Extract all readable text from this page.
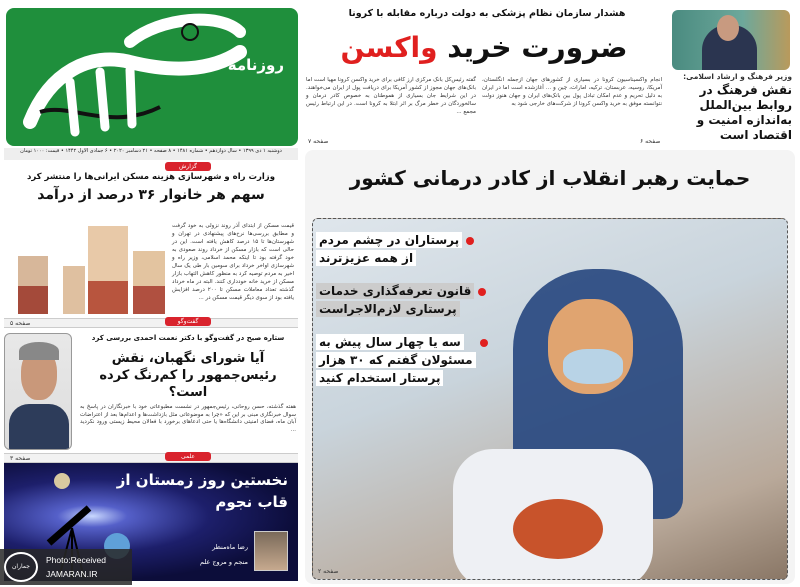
روزنامه
دوشنبه ۱ دی ۱۳۹۹ • سال دوازدهم • شماره ۱۴۸۱ • ۸ صفحه • ۲۱ دسامبر ۲۰۲۰ • ۶ جمادی الاول ۱۴۴۲ • قیمت: ۱۰۰۰ تومان
هشدار سازمان نظام پزشکی به دولت درباره مقابله با کرونا
ضرورت خرید واکسن
انجام واکسیناسیون کرونا در بسیاری از کشورهای جهان ازجمله انگلستان، آمریکا، روسیه، عربستان، ترکیه، امارات، چین و ... آغازشده است اما در ایران به دلیل تحریم و عدم امکان تبادل پول بین بانک‌های ایران و جهان هنوز دولت نتوانسته موفق به خرید واکسن کرونا از شرکت‌های خارجی شود به
گفته رئیس‌کل بانک مرکزی ارز کافی برای خرید واکسن کرونا مهیا است اما بانک‌های جهان مجوز از کشور آمریکا برای دریافت پول از ایران می‌خواهند. در این شرایط جان بسیاری از هموطنان به خصوص کادر درمان و سالخوردگان در خطر مرگ بر اثر ابتلا به کرونا است. در این ارتباط رئیس مجمع ...
صفحه ۷
وزیر فرهنگ و ارشاد اسلامی:
نقش فرهنگ در روابط بین‌الملل به‌اندازه امنیت و اقتصاد است
صفحه ۶
حمایت رهبر انقلاب از کادر درمانی کشور
پرستاران در چشم مردم
از همه عزیزترند
قانون تعرفه‌گذاری خدمات
پرستاری لازم‌الاجراست
سه یا چهار سال پیش به
مسئولان گفتم که ۳۰ هزار
پرستار استخدام کنید
صفحه ۲
گزارش
وزارت راه و شهرسازی هزینه مسکن ایرانی‌ها را منتشر کرد
سهم هر خانوار ۳۶ درصد از درآمد
قیمت مسکن از ابتدای آذر روند نزولی به خود گرفت و مطابق بررسی‌ها نرخ‌های پیشنهادی در تهران و شهرستان‌ها تا ۱۵ درصد کاهش یافته است. این در حالی است که بازار مسکن از خرداد روند صعودی به خود گرفته بود تا اینکه محمد اسلامی، وزیر راه و شهرسازی اواخر خرداد برای سومین بار طی یک سال اخیر به مردم توصیه کرد به منظور کاهش التهاب بازار مسکن از خرید خانه خودداری کنند. البته در ماه خرداد گذشته تعداد معاملات مسکن تا ۲۰۰ درصد افزایش یافته بود از سوی دیگر قیمت مسکن در ...
صفحه ۵	گفت‌وگو
ستاره صبح در گفت‌وگو با دکتر نعمت احمدی بررسی کرد
آیا شورای نگهبان، نقش رئیس‌جمهور را کم‌رنگ کرده است؟
هفته گذشته، حسن روحانی، رئیس‌جمهور در نشست مطبوعاتی خود با خبرنگاران در پاسخ به سوال خبرنگاری مبنی بر این که «چرا به موضوعاتی مثل بازداشت‌ها و اعدام‌ها بعد از اعتراضات آبان ماه، فضای امنیتی دانشگاه‌ها یا حتی ادعاهای برخورد با فعالان محیط زیستی ورود نکردید ...
صفحه ۳	علمی
رضا ماه‌منظر
منجم و مروج علم
نخستین روز زمستان از قاب نجوم
جماران
Photo:Received
JAMARAN.IR
